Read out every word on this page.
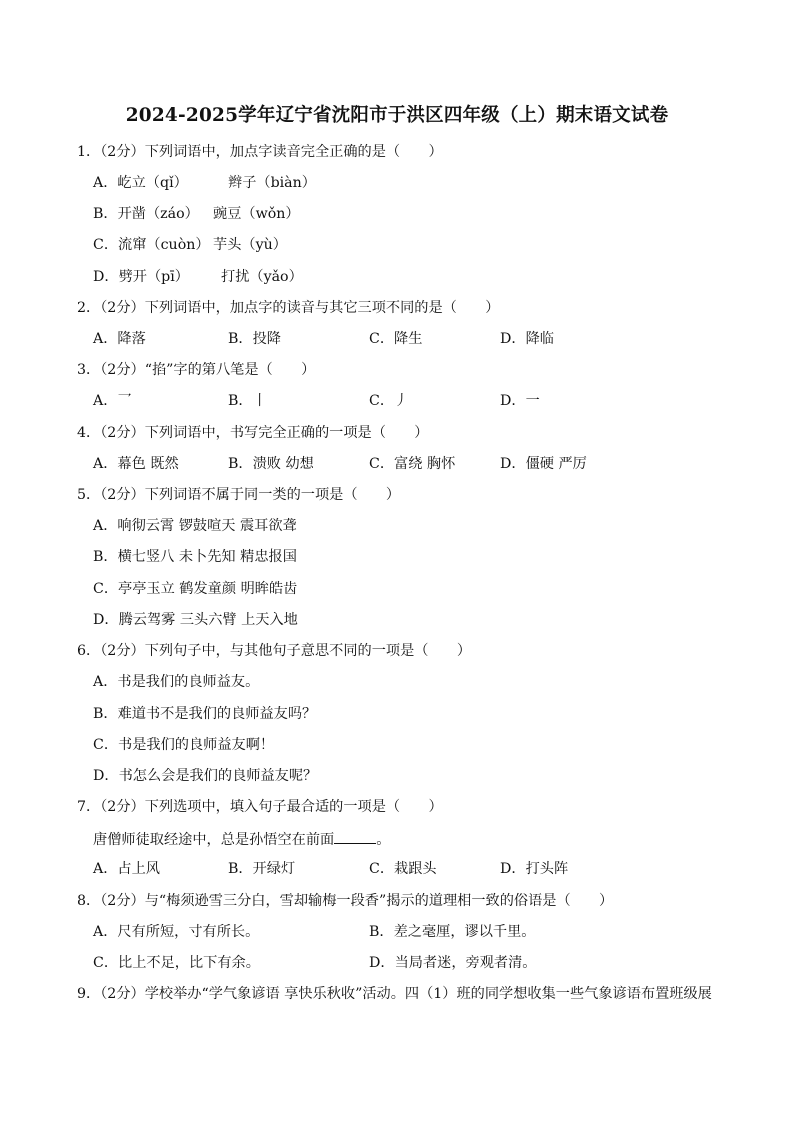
2024-2025学年辽宁省沈阳市于洪区四年级（上）期末语文试卷
1．（2分）下列词语中，加点字读音完全正确的是（　　）
A．屹立（qǐ）	辫子（biàn）
B．开凿（záo） 豌豆（wǒn）
C．流窜（cuòn） 芋头（yù）
D．劈开（pī） 打扰（yǎo）
2．（2分）下列词语中，加点字的读音与其它三项不同的是（　　）
A．降落	B．投降	C．降生	D．降临
3．（2分）“掐”字的第八笔是（　　）
A．乛	B．丨	C．丿	D．一
4．（2分）下列词语中，书写完全正确的一项是（　　）
A．幕色 既然	B．溃败 幼想	C．富绕 胸怀	D．僵硬 严厉
5．（2分）下列词语不属于同一类的一项是（　　）
A．响彻云霄 锣鼓喧天 震耳欲聋
B．横七竖八 未卜先知 精忠报国
C．亭亭玉立 鹤发童颜 明眸皓齿
D．腾云驾雾 三头六臂 上天入地
6．（2分）下列句子中，与其他句子意思不同的一项是（　　）
A．书是我们的良师益友。
B．难道书不是我们的良师益友吗？
C．书是我们的良师益友啊！
D．书怎么会是我们的良师益友呢？
7．（2分）下列选项中，填入句子最合适的一项是（　　）
唐僧师徒取经途中，总是孙悟空在前面	。
A．占上风	B．开绿灯	C．栽跟头	D．打头阵
8．（2分）与“梅须逊雪三分白，雪却输梅一段香”揭示的道理相一致的俗语是（　　）
A．尺有所短，寸有所长。	B．差之毫厘，谬以千里。
C．比上不足，比下有余。	D．当局者迷，旁观者清。
9．（2分）学校举办“学气象谚语 享快乐秋收”活动。四（1）班的同学想收集一些气象谚语布置班级展
